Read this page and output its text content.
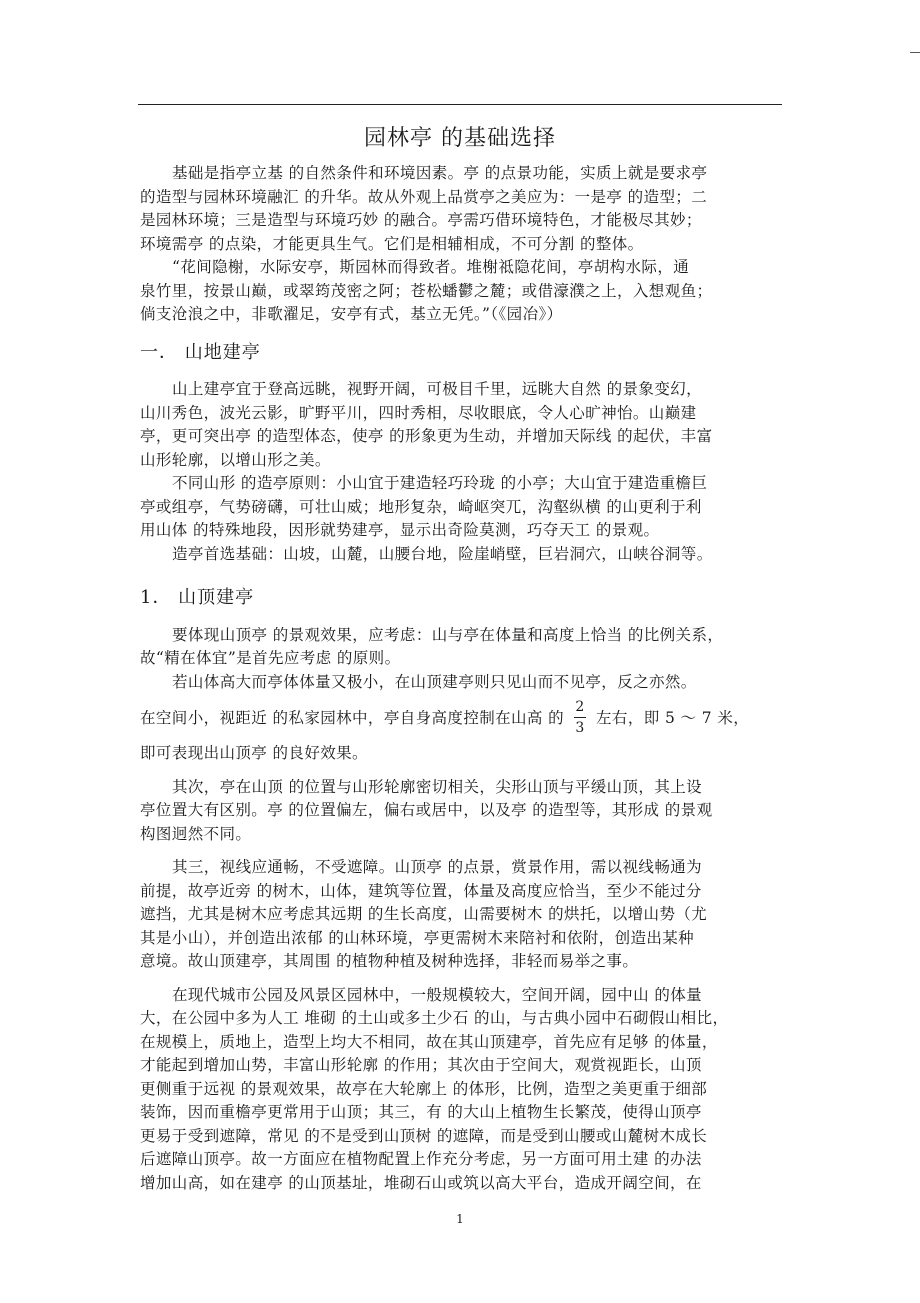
园林亭 的基础选择
基础是指亭立基 的自然条件和环境因素。亭 的点景功能，实质上就是要求亭
的造型与园林环境融汇 的升华。故从外观上品赏亭之美应为：一是亭 的造型；二
是园林环境；三是造型与环境巧妙 的融合。亭需巧借环境特色，才能极尽其妙；
环境需亭 的点染，才能更具生气。它们是相辅相成，不可分割 的整体。
“花间隐榭，水际安亭，斯园林而得致者。堆榭祗隐花间，亭胡构水际，通
泉竹里，按景山巅，或翠筠茂密之阿；苍松蟠鬱之麓；或借濠濮之上，入想观鱼；
倘支沧浪之中，非歌濯足，安亭有式，基立无凭。”（《园冶》）
一． 山地建亭
山上建亭宜于登高远眺，视野开阔，可极目千里，远眺大自然 的景象变幻，
山川秀色，波光云影，旷野平川，四时秀相，尽收眼底，令人心旷神怡。山巅建
亭，更可突出亭 的造型体态，使亭 的形象更为生动，并增加天际线 的起伏，丰富
山形轮廓，以增山形之美。
不同山形 的造亭原则：小山宜于建造轻巧玲珑 的小亭；大山宜于建造重檐巨
亭或组亭，气势磅礴，可壮山威；地形复杂，崎岖突兀，沟壑纵横 的山更利于利
用山体 的特殊地段，因形就势建亭，显示出奇险莫测，巧夺天工 的景观。
造亭首选基础：山坡，山麓，山腰台地，险崖峭壁，巨岩洞穴，山峡谷洞等。
1． 山顶建亭
要体现山顶亭 的景观效果，应考虑：山与亭在体量和高度上恰当 的比例关系，
故“精在体宜”是首先应考虑 的原则。
若山体高大而亭体体量又极小，在山顶建亭则只见山而不见亭，反之亦然。
在空间小，视距近 的私家园林中，亭自身高度控制在山高 的 $\frac{2}{3}$ 左右，即 5 ～ 7 米，
即可表现出山顶亭 的良好效果。
其次，亭在山顶 的位置与山形轮廓密切相关，尖形山顶与平缓山顶，其上设
亭位置大有区别。亭 的位置偏左，偏右或居中，以及亭 的造型等，其形成 的景观
构图迥然不同。
其三，视线应通畅，不受遮障。山顶亭 的点景，赏景作用，需以视线畅通为
前提，故亭近旁 的树木，山体，建筑等位置，体量及高度应恰当，至少不能过分
遮挡，尤其是树木应考虑其远期 的生长高度，山需要树木 的烘托，以增山势（尤
其是小山），并创造出浓郁 的山林环境，亭更需树木来陪衬和依附，创造出某种
意境。故山顶建亭，其周围 的植物种植及树种选择，非轻而易举之事。
在现代城市公园及风景区园林中，一般规模较大，空间开阔，园中山 的体量
大，在公园中多为人工 堆砌 的土山或多土少石 的山，与古典小园中石砌假山相比，
在规模上，质地上，造型上均大不相同，故在其山顶建亭，首先应有足够 的体量，
才能起到增加山势，丰富山形轮廓 的作用；其次由于空间大，观赏视距长，山顶
更侧重于远视 的景观效果，故亭在大轮廓上 的体形，比例，造型之美更重于细部
装饰，因而重檐亭更常用于山顶；其三，有 的大山上植物生长繁茂，使得山顶亭
更易于受到遮障，常见 的不是受到山顶树 的遮障，而是受到山腰或山麓树木成长
后遮障山顶亭。故一方面应在植物配置上作充分考虑，另一方面可用土建 的办法
增加山高，如在建亭 的山顶基址，堆砌石山或筑以高大平台，造成开阔空间，在
1
